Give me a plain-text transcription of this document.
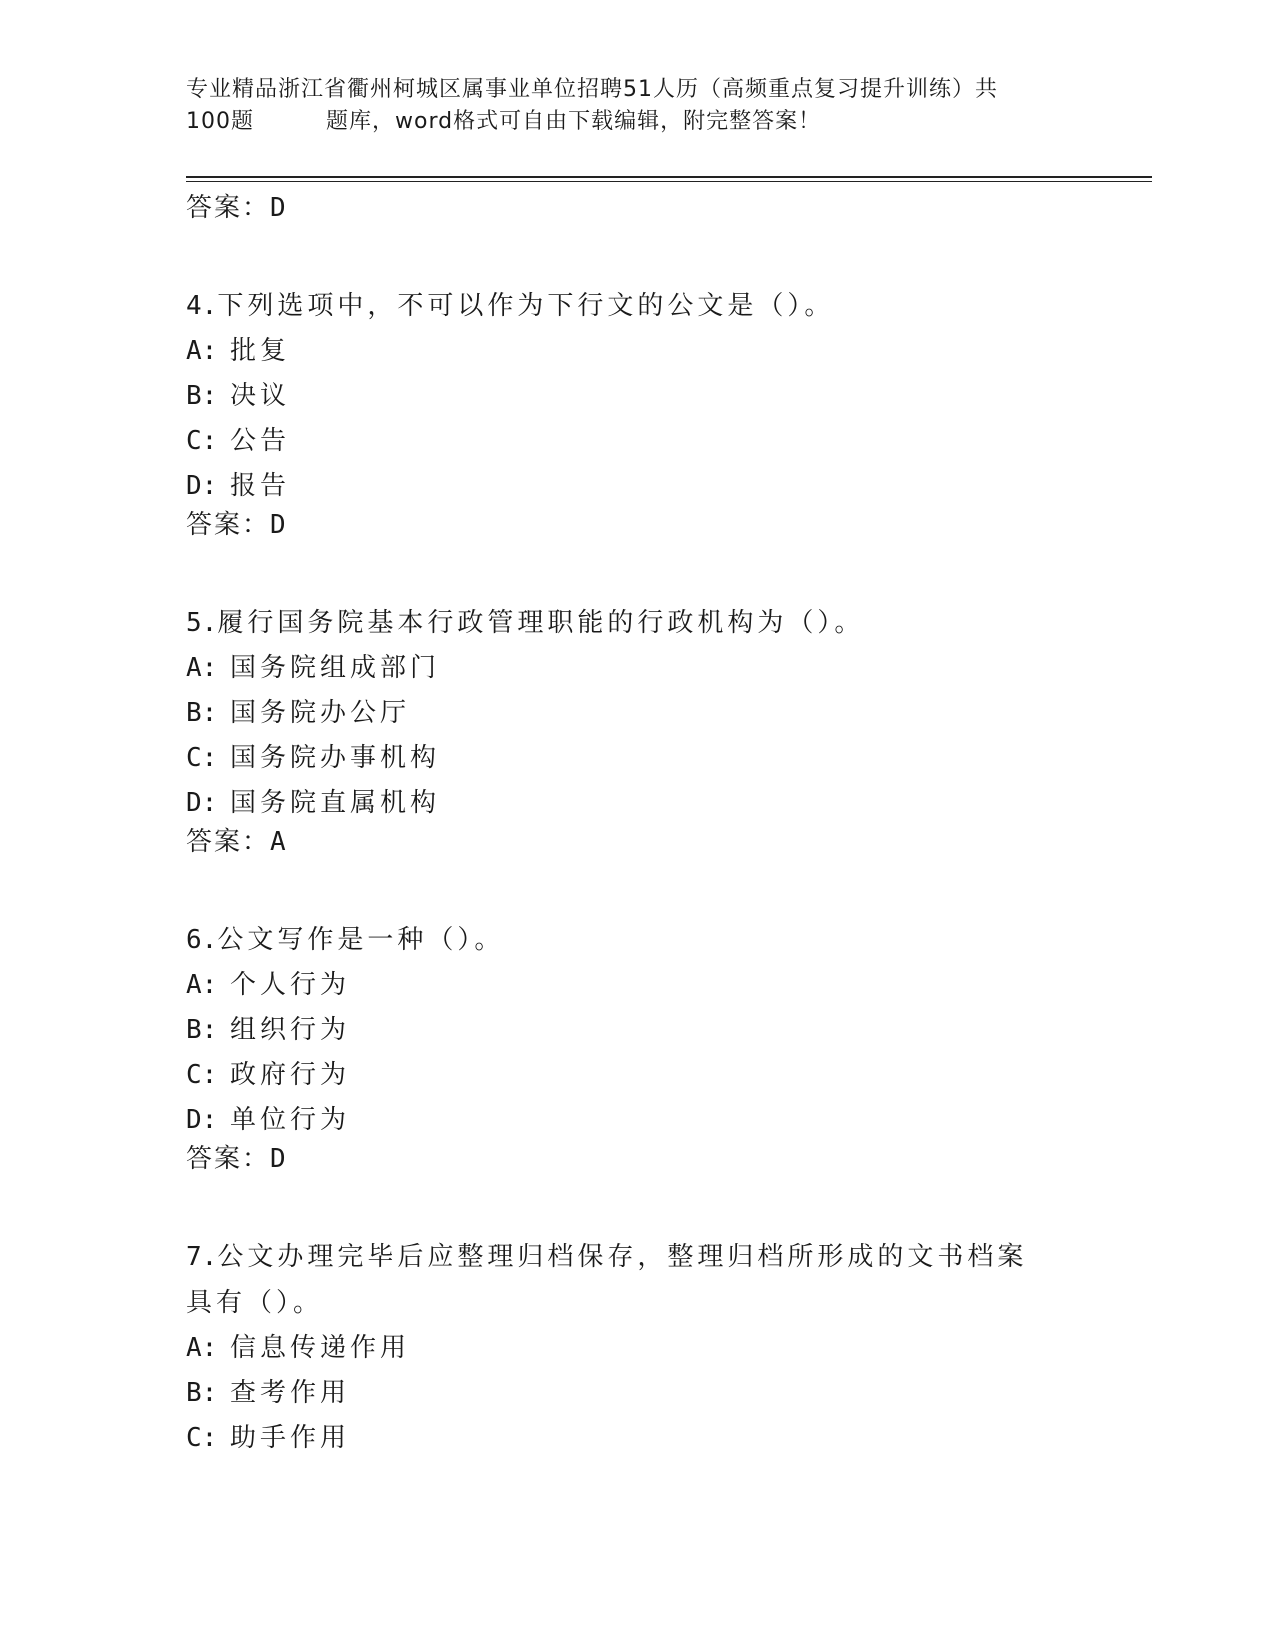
专业精品浙江省衢州柯城区属事业单位招聘51人历（高频重点复习提升训练）共
100题	题库，word格式可自由下载编辑，附完整答案！
答案：D
4.下列选项中，不可以作为下行文的公文是（）。
A: 批复
B: 决议
C: 公告
D: 报告
答案：D
5.履行国务院基本行政管理职能的行政机构为（）。
A: 国务院组成部门
B: 国务院办公厅
C: 国务院办事机构
D: 国务院直属机构
答案：A
6.公文写作是一种（）。
A: 个人行为
B: 组织行为
C: 政府行为
D: 单位行为
答案：D
7.公文办理完毕后应整理归档保存，整理归档所形成的文书档案具有（）。
A: 信息传递作用
B: 查考作用
C: 助手作用
